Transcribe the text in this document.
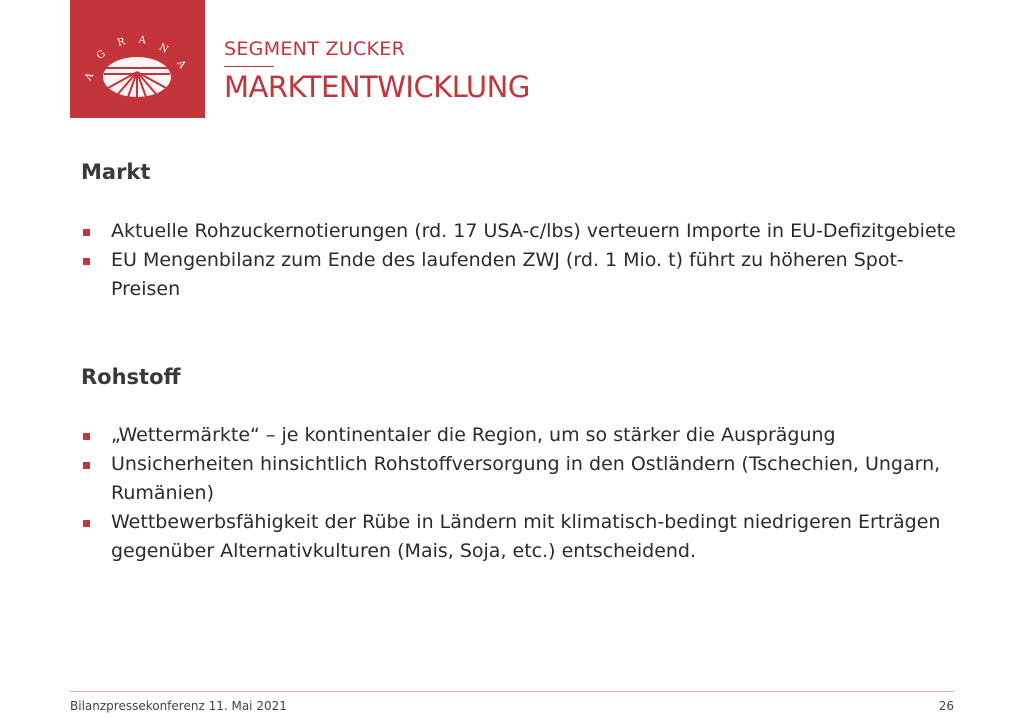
A
G
R A
N
A
SEGMENT ZUCKER
MARKTENTWICKLUNG
Markt
Aktuelle Rohzuckernotierungen (rd. 17 USA-c/lbs) verteuern Importe in EU-Defizitgebiete
EU Mengenbilanz zum Ende des laufenden ZWJ (rd. 1 Mio. t) führt zu höheren Spot-Preisen
Rohstoff
„Wettermärkte“ – je kontinentaler die Region, um so stärker die Ausprägung
Unsicherheiten hinsichtlich Rohstoffversorgung in den Ostländern (Tschechien, Ungarn, Rumänien)
Wettbewerbsfähigkeit der Rübe in Ländern mit klimatisch-bedingt niedrigeren Erträgen gegenüber Alternativkulturen (Mais, Soja, etc.) entscheidend.
Bilanzpressekonferenz 11. Mai 2021	26
